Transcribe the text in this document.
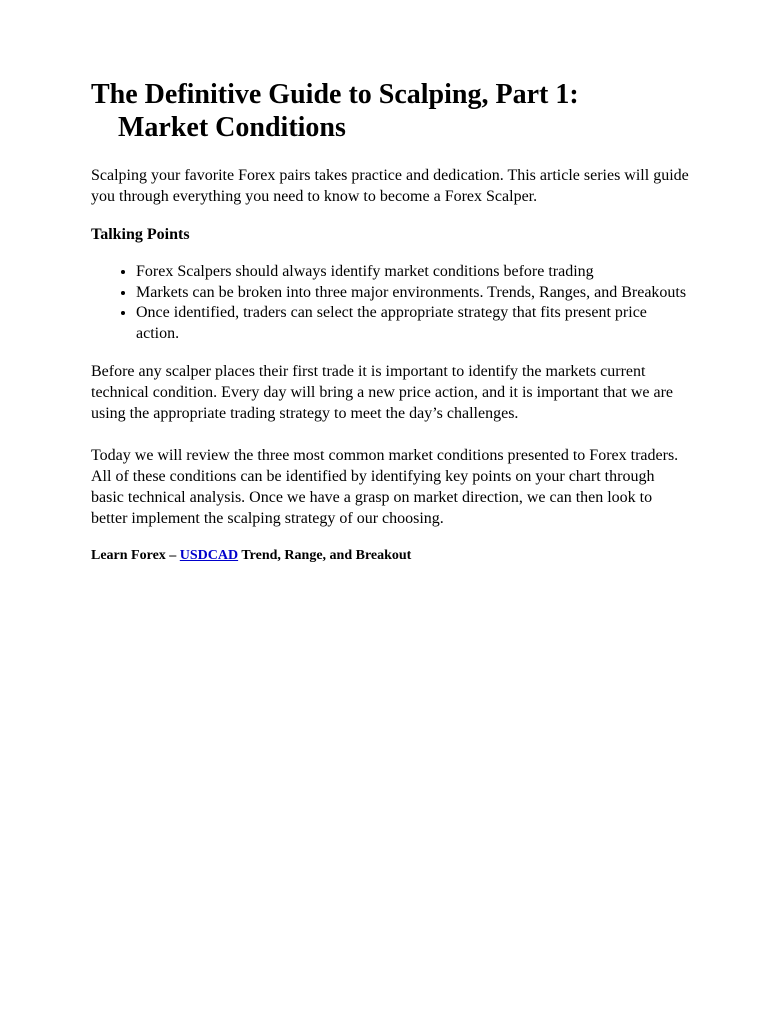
The Definitive Guide to Scalping, Part 1:
Market Conditions

Scalping your favorite Forex pairs takes practice and dedication. This article series will guide you through everything you need to know to become a Forex Scalper.

Talking Points

• Forex Scalpers should always identify market conditions before trading
• Markets can be broken into three major environments. Trends, Ranges, and Breakouts
• Once identified, traders can select the appropriate strategy that fits present price action.

Before any scalper places their first trade it is important to identify the markets current technical condition. Every day will bring a new price action, and it is important that we are using the appropriate trading strategy to meet the day’s challenges.

Today we will review the three most common market conditions presented to Forex traders. All of these conditions can be identified by identifying key points on your chart through basic technical analysis. Once we have a grasp on market direction, we can then look to better implement the scalping strategy of our choosing.

Learn Forex – USDCAD Trend, Range, and Breakout
